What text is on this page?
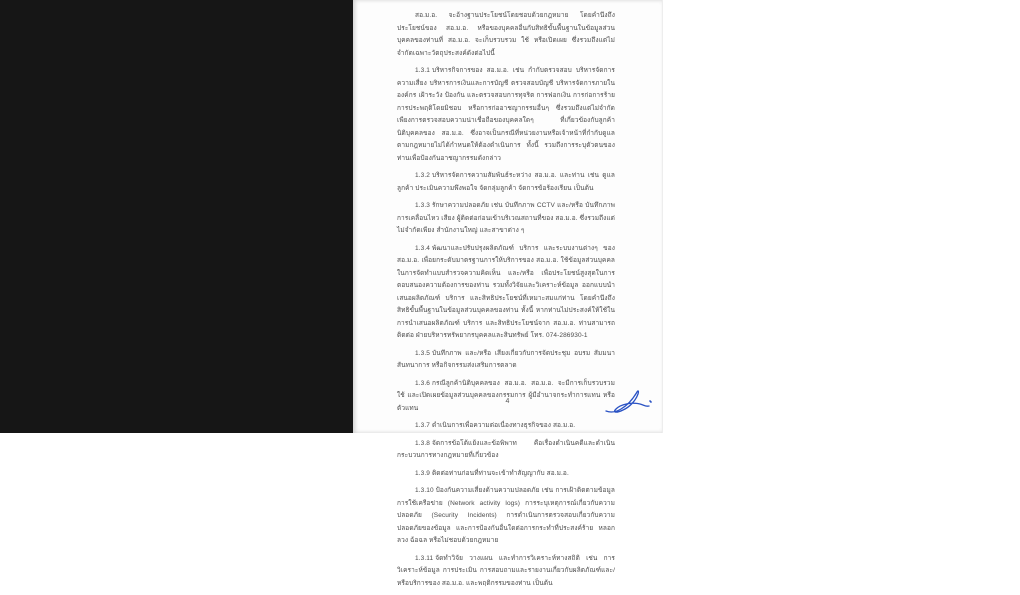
สอ.ม.อ. จะอ้างฐานประโยชน์โดยชอบด้วยกฎหมาย โดยคำนึงถึงประโยชน์ของ สอ.ม.อ. หรือของบุคคลอื่นกับสิทธิขั้นพื้นฐานในข้อมูลส่วนบุคคลของท่านที่ สอ.ม.อ. จะเก็บรวบรวม ใช้ หรือเปิดเผย ซึ่งรวมถึงแต่ไม่จำกัดเฉพาะวัตถุประสงค์ดังต่อไปนี้

1.3.1 บริหารกิจการของ สอ.ม.อ. เช่น กำกับตรวจสอบ บริหารจัดการความเสี่ยง บริหารการเงินและการบัญชี ตรวจสอบบัญชี บริหารจัดการภายในองค์กร เฝ้าระวัง ป้องกัน และตรวจสอบการทุจริต การฟอกเงิน การก่อการร้าย การประพฤติโดยมิชอบ หรือการก่ออาชญากรรมอื่นๆ ซึ่งรวมถึงแต่ไม่จำกัดเพียงการตรวจสอบความน่าเชื่อถือของบุคคลใดๆ ที่เกี่ยวข้องกับลูกค้านิติบุคคลของ สอ.ม.อ. ซึ่งอาจเป็นกรณีที่หน่วยงานหรือเจ้าหน้าที่กำกับดูแลตามกฎหมายไม่ได้กำหนดให้ต้องดำเนินการ ทั้งนี้ รวมถึงการระบุตัวตนของท่านเพื่อป้องกันอาชญากรรมดังกล่าว

1.3.2 บริหารจัดการความสัมพันธ์ระหว่าง สอ.ม.อ. และท่าน เช่น ดูแลลูกค้า ประเมินความพึงพอใจ จัดกลุ่มลูกค้า จัดการข้อร้องเรียน เป็นต้น

1.3.3 รักษาความปลอดภัย เช่น บันทึกภาพ CCTV และ/หรือ บันทึกภาพ การเคลื่อนไหว เสียง ผู้ติดต่อก่อนเข้าบริเวณสถานที่ของ สอ.ม.อ. ซึ่งรวมถึงแต่ไม่จำกัดเพียง สำนักงานใหญ่ และสาขาต่าง ๆ

1.3.4 พัฒนาและปรับปรุงผลิตภัณฑ์ บริการ และระบบงานต่างๆ ของ สอ.ม.อ. เพื่อยกระดับมาตรฐานการให้บริการของ สอ.ม.อ. ใช้ข้อมูลส่วนบุคคลในการจัดทำแบบสำรวจความคิดเห็น และ/หรือ เพื่อประโยชน์สูงสุดในการตอบสนองความต้องการของท่าน รวมทั้งวิจัยและวิเคราะห์ข้อมูล ออกแบบนำเสนอผลิตภัณฑ์ บริการ และสิทธิประโยชน์ที่เหมาะสมแก่ท่าน โดยคำนึงถึงสิทธิขั้นพื้นฐานในข้อมูลส่วนบุคคลของท่าน ทั้งนี้ หากท่านไม่ประสงค์ให้ใช้ในการนำเสนอผลิตภัณฑ์ บริการ และสิทธิประโยชน์จาก สอ.ม.อ. ท่านสามารถติดต่อ ฝ่ายบริหารทรัพยากรบุคคลและสินทรัพย์ โทร. 074-286930-1

1.3.5 บันทึกภาพ และ/หรือ เสียงเกี่ยวกับการจัดประชุม อบรม สัมมนา สันทนาการ หรือกิจกรรมส่งเสริมการตลาด

1.3.6 กรณีลูกค้านิติบุคคลของ สอ.ม.อ. สอ.ม.อ. จะมีการเก็บรวบรวม ใช้ และเปิดเผยข้อมูลส่วนบุคคลของกรรมการ ผู้มีอำนาจกระทำการแทน หรือตัวแทน

1.3.7 ดำเนินการเพื่อความต่อเนื่องทางธุรกิจของ สอ.ม.อ.

1.3.8 จัดการข้อโต้แย้งและข้อพิพาท คือเรื่องดำเนินคดีและดำเนินกระบวนการทางกฎหมายที่เกี่ยวข้อง

1.3.9 ติดต่อท่านก่อนที่ท่านจะเข้าทำสัญญากับ สอ.ม.อ.

1.3.10 ป้องกันความเสี่ยงด้านความปลอดภัย เช่น การเฝ้าติดตามข้อมูลการใช้เครือข่าย (Network activity logs) การระบุเหตุการณ์เกี่ยวกับความปลอดภัย (Security Incidents) การดำเนินการตรวจสอบเกี่ยวกับความปลอดภัยของข้อมูล และการป้องกันอื่นใดต่อการกระทำที่ประสงค์ร้าย หลอกลวง ฉ้อฉล หรือไม่ชอบด้วยกฎหมาย

1.3.11 จัดทำวิจัย วางแผน และทำการวิเคราะห์ทางสถิติ เช่น การวิเคราะห์ข้อมูล การประเมิน การสอบถามและรายงานเกี่ยวกับผลิตภัณฑ์และ/หรือบริการของ สอ.ม.อ. และพฤติกรรมของท่าน เป็นต้น

4
